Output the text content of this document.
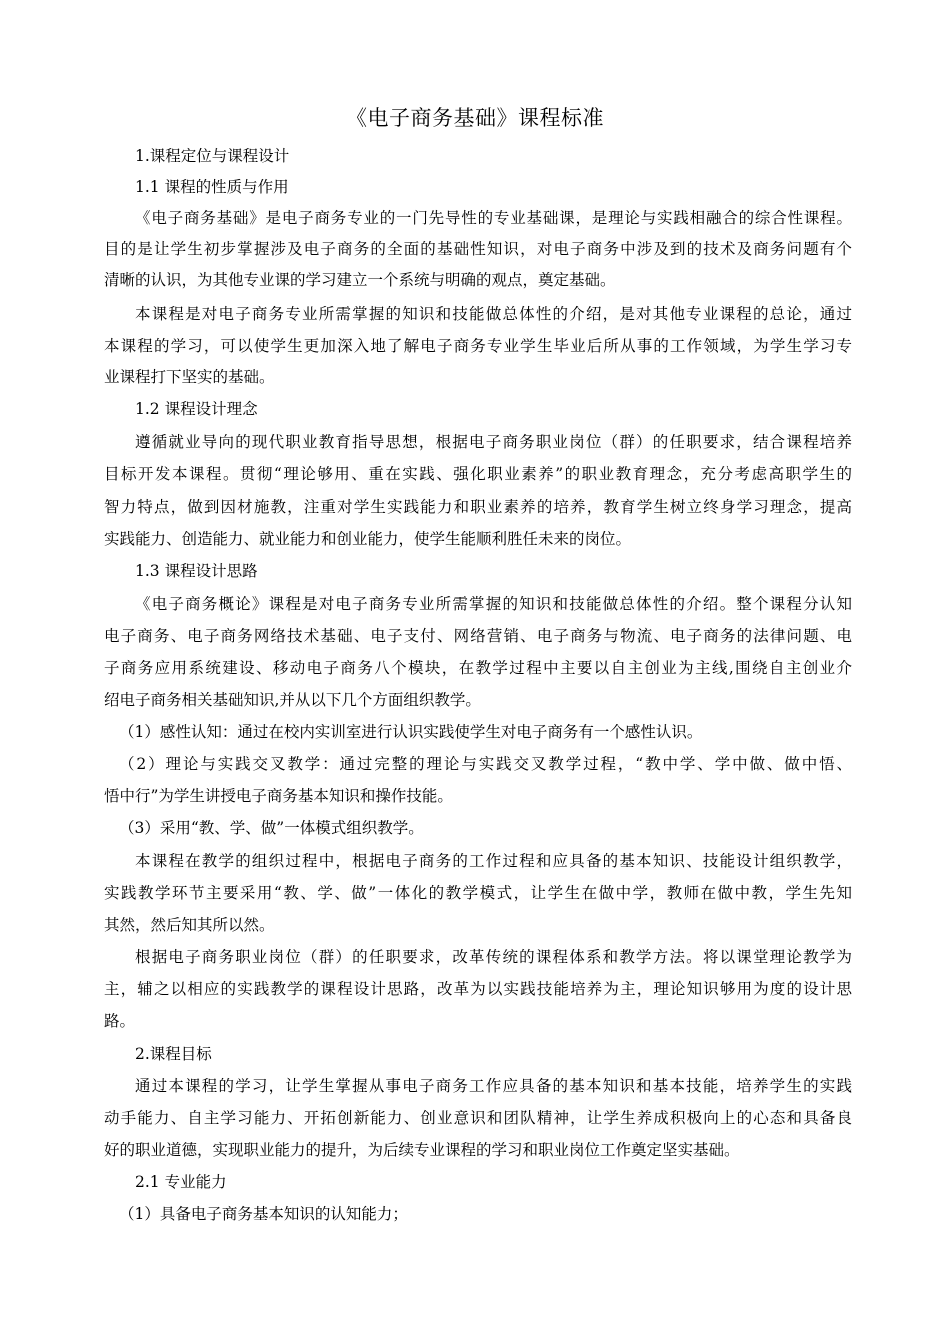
《电子商务基础》课程标准
1.课程定位与课程设计
1.1 课程的性质与作用
《电子商务基础》是电子商务专业的一门先导性的专业基础课，是理论与实践相融合的综合性课程。
目的是让学生初步掌握涉及电子商务的全面的基础性知识，对电子商务中涉及到的技术及商务问题有个
清晰的认识，为其他专业课的学习建立一个系统与明确的观点，奠定基础。
本课程是对电子商务专业所需掌握的知识和技能做总体性的介绍，是对其他专业课程的总论，通过
本课程的学习，可以使学生更加深入地了解电子商务专业学生毕业后所从事的工作领域，为学生学习专
业课程打下坚实的基础。
1.2 课程设计理念
遵循就业导向的现代职业教育指导思想，根据电子商务职业岗位（群）的任职要求，结合课程培养
目标开发本课程。贯彻“理论够用、重在实践、强化职业素养”的职业教育理念，充分考虑高职学生的
智力特点，做到因材施教，注重对学生实践能力和职业素养的培养，教育学生树立终身学习理念，提高
实践能力、创造能力、就业能力和创业能力，使学生能顺利胜任未来的岗位。
1.3 课程设计思路
《电子商务概论》课程是对电子商务专业所需掌握的知识和技能做总体性的介绍。整个课程分认知
电子商务、电子商务网络技术基础、电子支付、网络营销、电子商务与物流、电子商务的法律问题、电
子商务应用系统建设、移动电子商务八个模块，在教学过程中主要以自主创业为主线,围绕自主创业介
绍电子商务相关基础知识,并从以下几个方面组织教学。
（1）感性认知：通过在校内实训室进行认识实践使学生对电子商务有一个感性认识。
（2）理论与实践交叉教学：通过完整的理论与实践交叉教学过程，“教中学、学中做、做中悟、
悟中行”为学生讲授电子商务基本知识和操作技能。
（3）采用“教、学、做”一体模式组织教学。
本课程在教学的组织过程中，根据电子商务的工作过程和应具备的基本知识、技能设计组织教学，
实践教学环节主要采用“教、学、做”一体化的教学模式，让学生在做中学，教师在做中教，学生先知
其然，然后知其所以然。
根据电子商务职业岗位（群）的任职要求，改革传统的课程体系和教学方法。将以课堂理论教学为
主，辅之以相应的实践教学的课程设计思路，改革为以实践技能培养为主，理论知识够用为度的设计思
路。
2.课程目标
通过本课程的学习，让学生掌握从事电子商务工作应具备的基本知识和基本技能，培养学生的实践
动手能力、自主学习能力、开拓创新能力、创业意识和团队精神，让学生养成积极向上的心态和具备良
好的职业道德，实现职业能力的提升，为后续专业课程的学习和职业岗位工作奠定坚实基础。
2.1 专业能力
（1）具备电子商务基本知识的认知能力；
